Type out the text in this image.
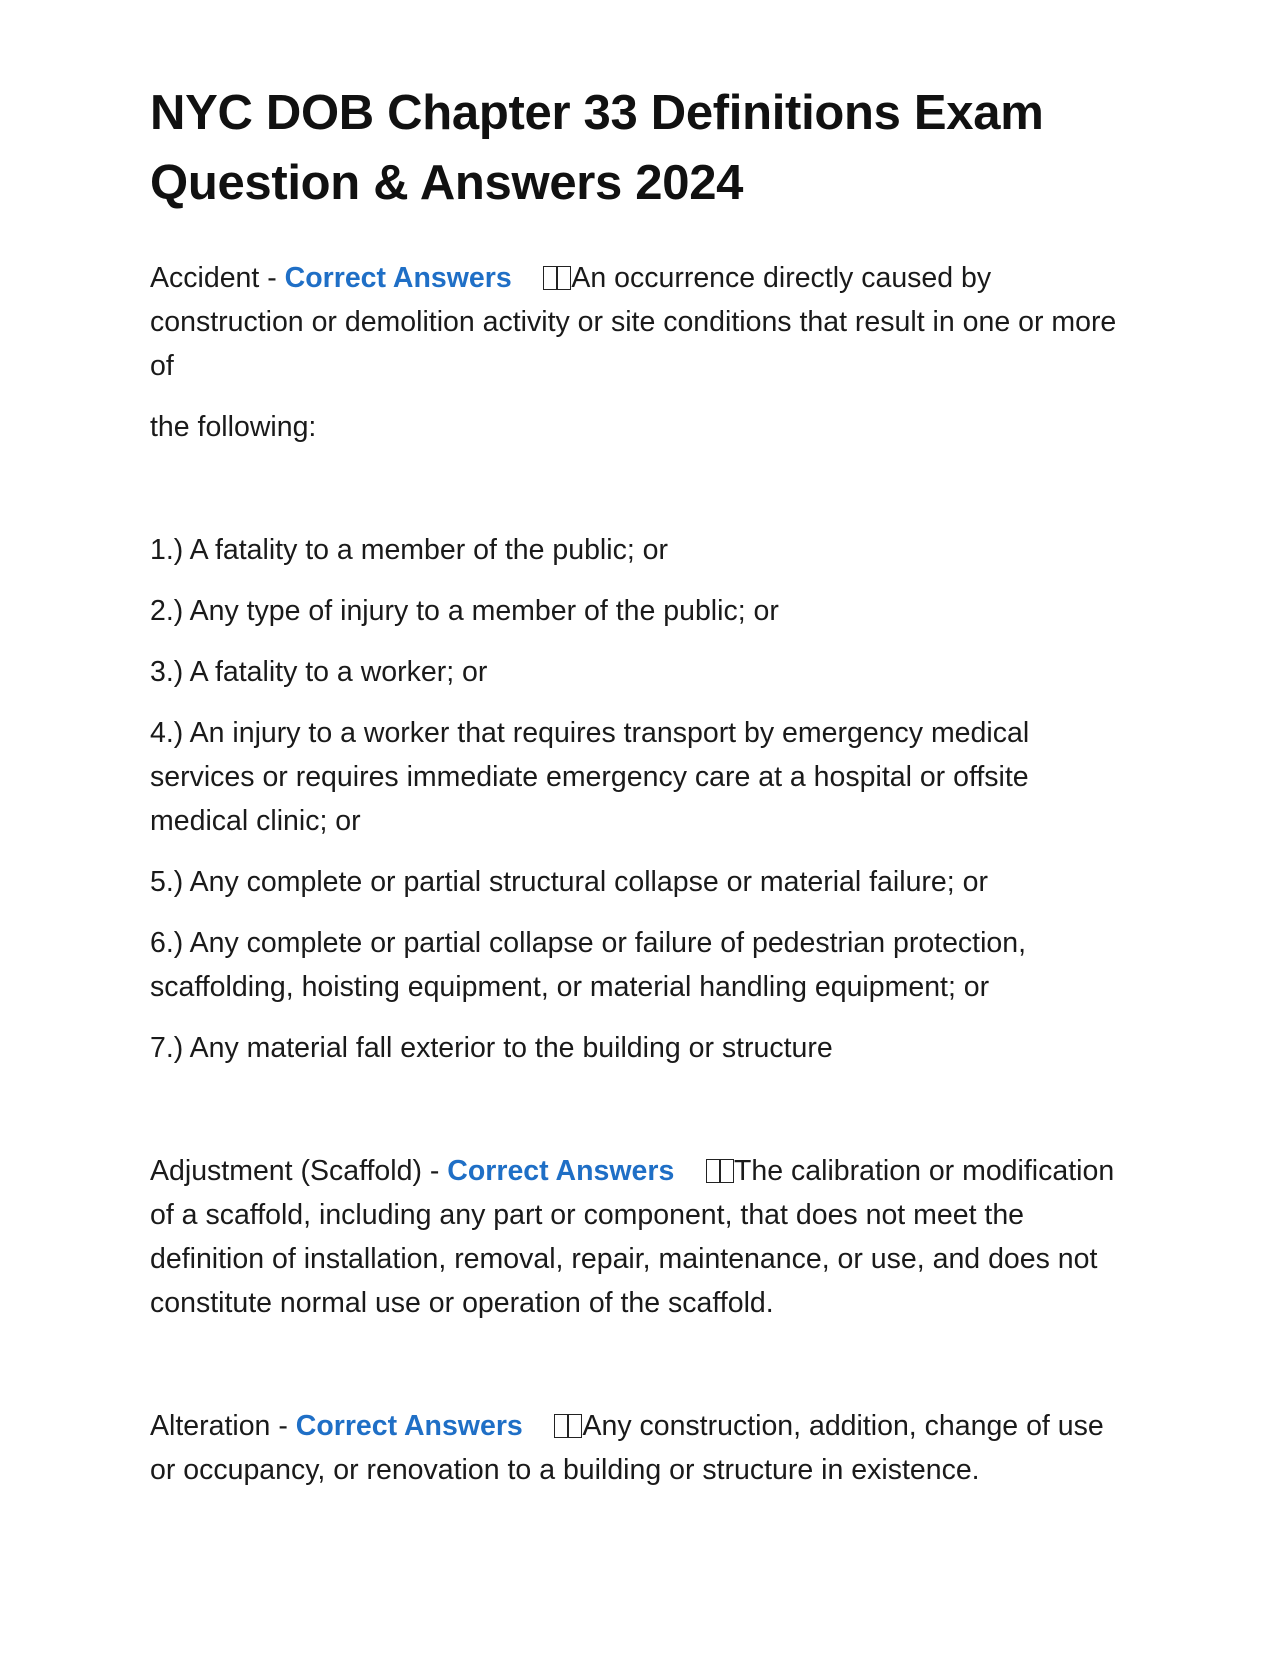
NYC DOB Chapter 33 Definitions Exam
Question & Answers 2024

Accident - Correct Answers An occurrence directly caused by construction or demolition activity or site conditions that result in one or more of

the following:

1.) A fatality to a member of the public; or

2.) Any type of injury to a member of the public; or

3.) A fatality to a worker; or

4.) An injury to a worker that requires transport by emergency medical services or requires immediate emergency care at a hospital or offsite medical clinic; or

5.) Any complete or partial structural collapse or material failure; or

6.) Any complete or partial collapse or failure of pedestrian protection, scaffolding, hoisting equipment, or material handling equipment; or

7.) Any material fall exterior to the building or structure

Adjustment (Scaffold) - Correct Answers The calibration or modification of a scaffold, including any part or component, that does not meet the definition of installation, removal, repair, maintenance, or use, and does not constitute normal use or operation of the scaffold.

Alteration - Correct Answers Any construction, addition, change of use or occupancy, or renovation to a building or structure in existence.
